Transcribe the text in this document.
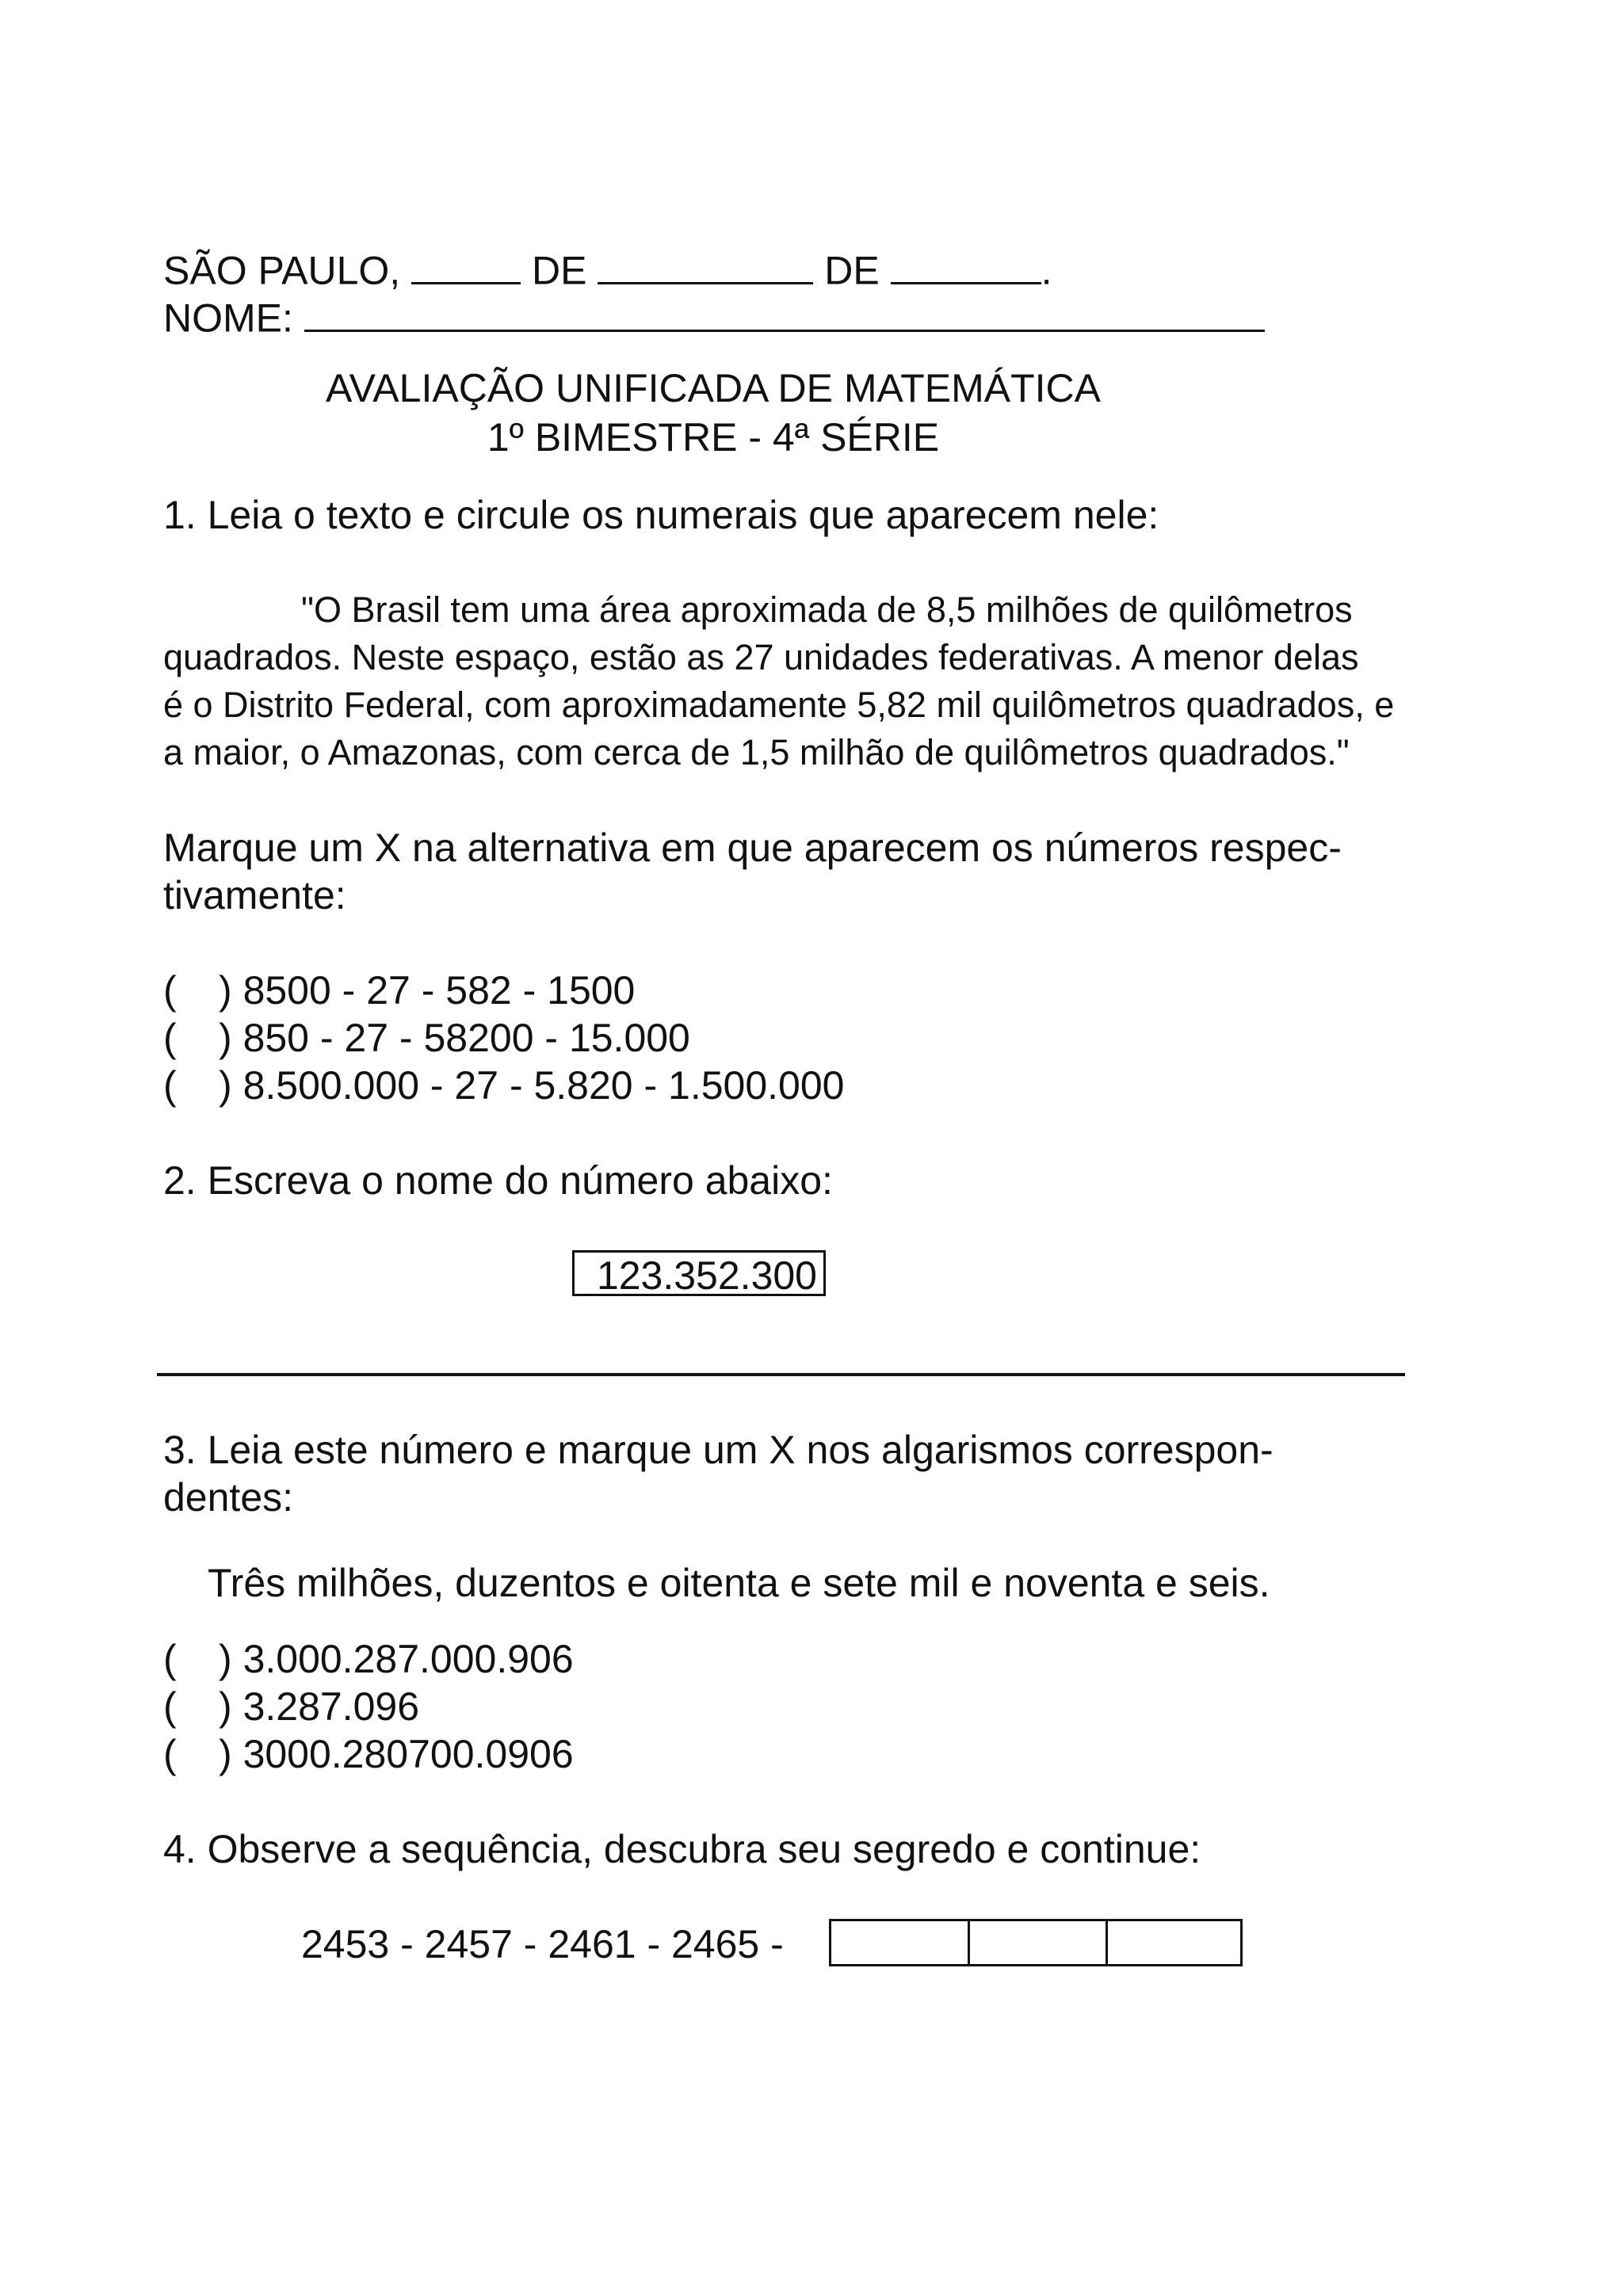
SÃO PAULO,	DE	DE	.
NOME:
AVALIAÇÃO UNIFICADA DE MATEMÁTICA
1º BIMESTRE - 4ª SÉRIE
1. Leia o texto e circule os numerais que aparecem nele:
"O Brasil tem uma área aproximada de 8,5 milhões de quilômetros
quadrados. Neste espaço, estão as 27 unidades federativas. A menor delas
é o Distrito Federal, com aproximadamente 5,82 mil quilômetros quadrados, e
a maior, o Amazonas, com cerca de 1,5 milhão de quilômetros quadrados."
Marque um X na alternativa em que aparecem os números respec-
tivamente:
( ) 8500 - 27 - 582 - 1500
( ) 850 - 27 - 58200 - 15.000
( ) 8.500.000 - 27 - 5.820 - 1.500.000
2. Escreva o nome do número abaixo:
123.352.300
3. Leia este número e marque um X nos algarismos correspon-
dentes:
Três milhões, duzentos e oitenta e sete mil e noventa e seis.
( ) 3.000.287.000.906
( ) 3.287.096
( ) 3000.280700.0906
4. Observe a sequência, descubra seu segredo e continue:
2453 - 2457 - 2461 - 2465 -
